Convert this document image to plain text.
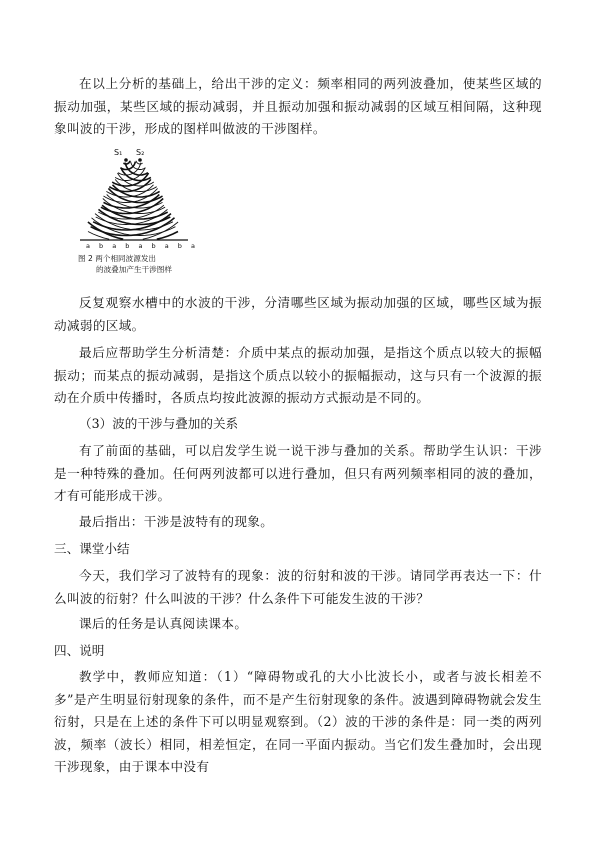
在以上分析的基础上，给出干涉的定义：频率相同的两列波叠加，使某些区域的振动加强，某些区域的振动减弱，并且振动加强和振动减弱的区域互相间隔，这种现象叫波的干涉，形成的图样叫做波的干涉图样。

S₁ S₂
a b a b a b a b a
图 2 两个相同波源发出
的波叠加产生干涉图样

反复观察水槽中的水波的干涉，分清哪些区域为振动加强的区域，哪些区域为振动减弱的区域。

最后应帮助学生分析清楚：介质中某点的振动加强，是指这个质点以较大的振幅振动；而某点的振动减弱，是指这个质点以较小的振幅振动，这与只有一个波源的振动在介质中传播时，各质点均按此波源的振动方式振动是不同的。

（3）波的干涉与叠加的关系

有了前面的基础，可以启发学生说一说干涉与叠加的关系。帮助学生认识：干涉是一种特殊的叠加。任何两列波都可以进行叠加，但只有两列频率相同的波的叠加，才有可能形成干涉。

最后指出：干涉是波特有的现象。

三、课堂小结

今天，我们学习了波特有的现象：波的衍射和波的干涉。请同学再表达一下：什么叫波的衍射？什么叫波的干涉？什么条件下可能发生波的干涉？

课后的任务是认真阅读课本。

四、说明

教学中，教师应知道：（1）“障碍物或孔的大小比波长小，或者与波长相差不多”是产生明显衍射现象的条件，而不是产生衍射现象的条件。波遇到障碍物就会发生衍射，只是在上述的条件下可以明显观察到。（2）波的干涉的条件是：同一类的两列波，频率（波长）相同，相差恒定，在同一平面内振动。当它们发生叠加时，会出现干涉现象，由于课本中没有
